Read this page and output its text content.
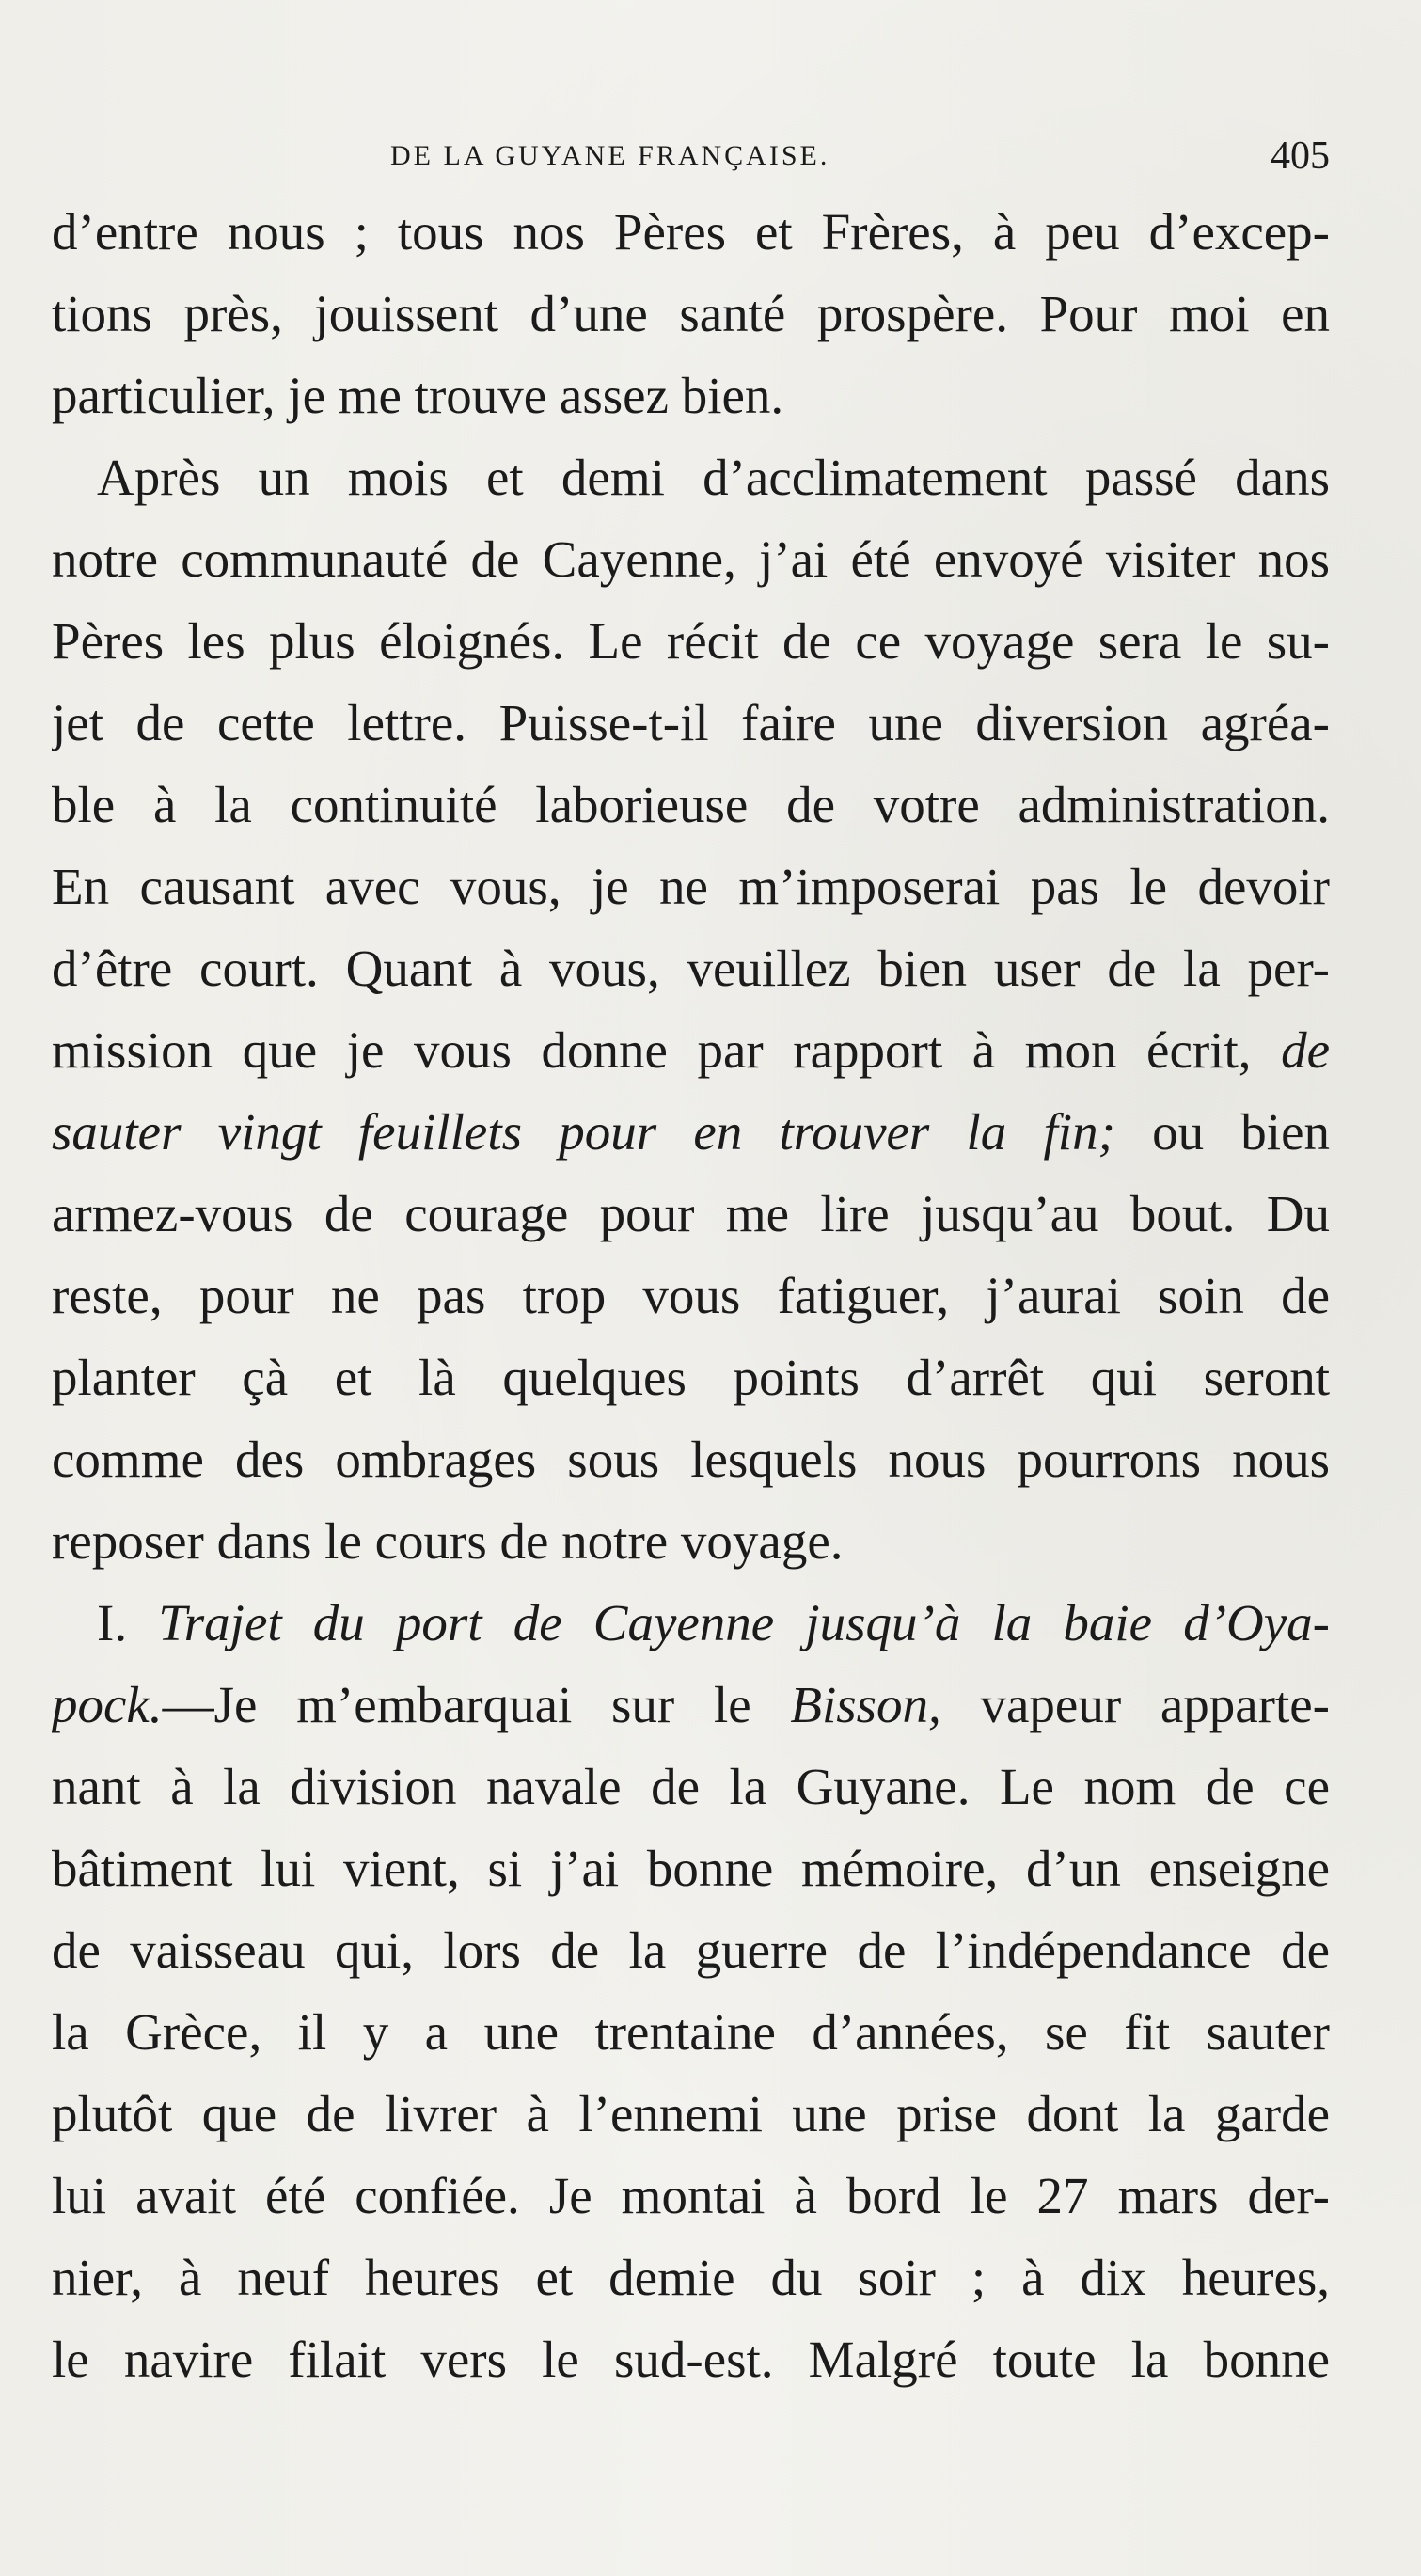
DE LA GUYANE FRANÇAISE.	405
d’entre nous ; tous nos Pères et Frères, à peu d’excep-
tions près, jouissent d’une santé prospère. Pour moi en
particulier, je me trouve assez bien.
Après un mois et demi d’acclimatement passé dans
notre communauté de Cayenne, j’ai été envoyé visiter nos
Pères les plus éloignés. Le récit de ce voyage sera le su-
jet de cette lettre. Puisse-t-il faire une diversion agréa-
ble à la continuité laborieuse de votre administration.
En causant avec vous, je ne m’imposerai pas le devoir
d’être court. Quant à vous, veuillez bien user de la per-
mission que je vous donne par rapport à mon écrit, de
sauter vingt feuillets pour en trouver la fin; ou bien
armez-vous de courage pour me lire jusqu’au bout. Du
reste, pour ne pas trop vous fatiguer, j’aurai soin de
planter çà et là quelques points d’arrêt qui seront
comme des ombrages sous lesquels nous pourrons nous
reposer dans le cours de notre voyage.
I. Trajet du port de Cayenne jusqu’à la baie d’Oya-
pock.—Je m’embarquai sur le Bisson, vapeur apparte-
nant à la division navale de la Guyane. Le nom de ce
bâtiment lui vient, si j’ai bonne mémoire, d’un enseigne
de vaisseau qui, lors de la guerre de l’indépendance de
la Grèce, il y a une trentaine d’années, se fit sauter
plutôt que de livrer à l’ennemi une prise dont la garde
lui avait été confiée. Je montai à bord le 27 mars der-
nier, à neuf heures et demie du soir ; à dix heures,
le navire filait vers le sud-est. Malgré toute la bonne
